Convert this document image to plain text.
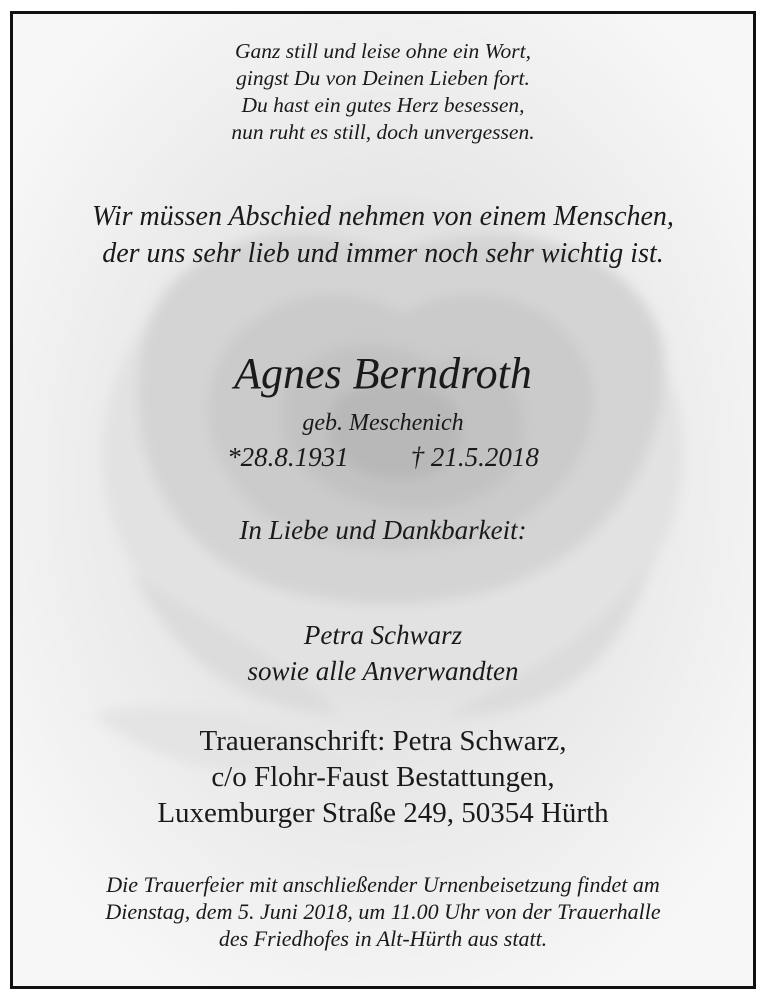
Ganz still und leise ohne ein Wort,
gingst Du von Deinen Lieben fort.
Du hast ein gutes Herz besessen,
nun ruht es still, doch unvergessen.
Wir müssen Abschied nehmen von einem Menschen,
der uns sehr lieb und immer noch sehr wichtig ist.
Agnes Berndroth
geb. Meschenich
*28.8.1931 † 21.5.2018
In Liebe und Dankbarkeit:
Petra Schwarz
sowie alle Anverwandten
Traueranschrift: Petra Schwarz,
c/o Flohr-Faust Bestattungen,
Luxemburger Straße 249, 50354 Hürth
Die Trauerfeier mit anschließender Urnenbeisetzung findet am
Dienstag, dem 5. Juni 2018, um 11.00 Uhr von der Trauerhalle
des Friedhofes in Alt-Hürth aus statt.
